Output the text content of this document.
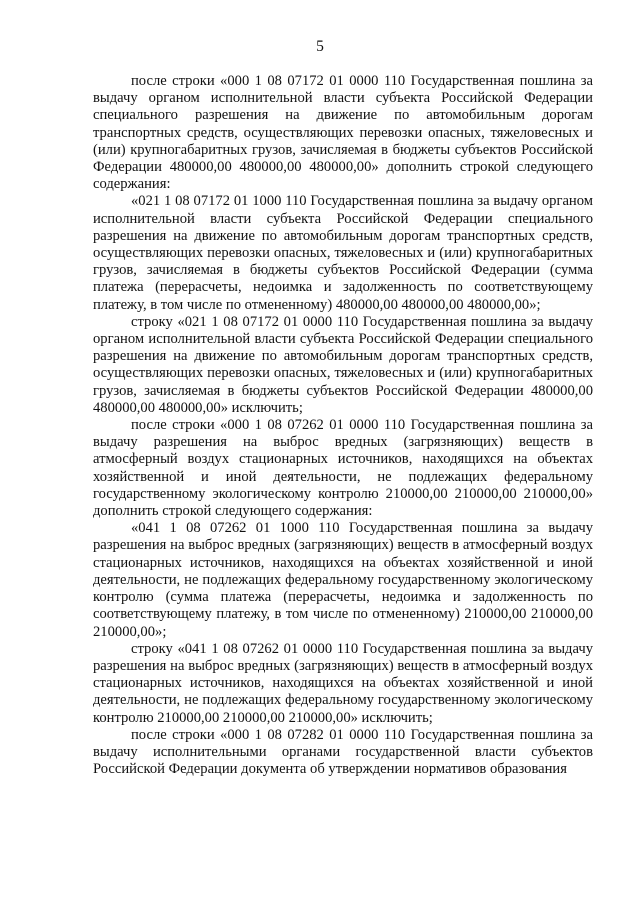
5

после строки «000 1 08 07172 01 0000 110 Государственная пошлина за выдачу органом исполнительной власти субъекта Российской Федерации специального разрешения на движение по автомобильным дорогам транспортных средств, осуществляющих перевозки опасных, тяжеловесных и (или) крупногабаритных грузов, зачисляемая в бюджеты субъектов Российской Федерации 480000,00 480000,00 480000,00» дополнить строкой следующего содержания:

«021 1 08 07172 01 1000 110 Государственная пошлина за выдачу органом исполнительной власти субъекта Российской Федерации специального разрешения на движение по автомобильным дорогам транспортных средств, осуществляющих перевозки опасных, тяжеловесных и (или) крупногабаритных грузов, зачисляемая в бюджеты субъектов Российской Федерации (сумма платежа (перерасчеты, недоимка и задолженность по соответствующему платежу, в том числе по отмененному) 480000,00 480000,00 480000,00»;

строку «021 1 08 07172 01 0000 110 Государственная пошлина за выдачу органом исполнительной власти субъекта Российской Федерации специального разрешения на движение по автомобильным дорогам транспортных средств, осуществляющих перевозки опасных, тяжеловесных и (или) крупногабаритных грузов, зачисляемая в бюджеты субъектов Российской Федерации 480000,00 480000,00 480000,00» исключить;

после строки «000 1 08 07262 01 0000 110 Государственная пошлина за выдачу разрешения на выброс вредных (загрязняющих) веществ в атмосферный воздух стационарных источников, находящихся на объектах хозяйственной и иной деятельности, не подлежащих федеральному государственному экологическому контролю 210000,00 210000,00 210000,00» дополнить строкой следующего содержания:

«041 1 08 07262 01 1000 110 Государственная пошлина за выдачу разрешения на выброс вредных (загрязняющих) веществ в атмосферный воздух стационарных источников, находящихся на объектах хозяйственной и иной деятельности, не подлежащих федеральному государственному экологическому контролю (сумма платежа (перерасчеты, недоимка и задолженность по соответствующему платежу, в том числе по отмененному) 210000,00 210000,00 210000,00»;

строку «041 1 08 07262 01 0000 110 Государственная пошлина за выдачу разрешения на выброс вредных (загрязняющих) веществ в атмосферный воздух стационарных источников, находящихся на объектах хозяйственной и иной деятельности, не подлежащих федеральному государственному экологическому контролю 210000,00 210000,00 210000,00» исключить;

после строки «000 1 08 07282 01 0000 110 Государственная пошлина за выдачу исполнительными органами государственной власти субъектов Российской Федерации документа об утверждении нормативов образования
